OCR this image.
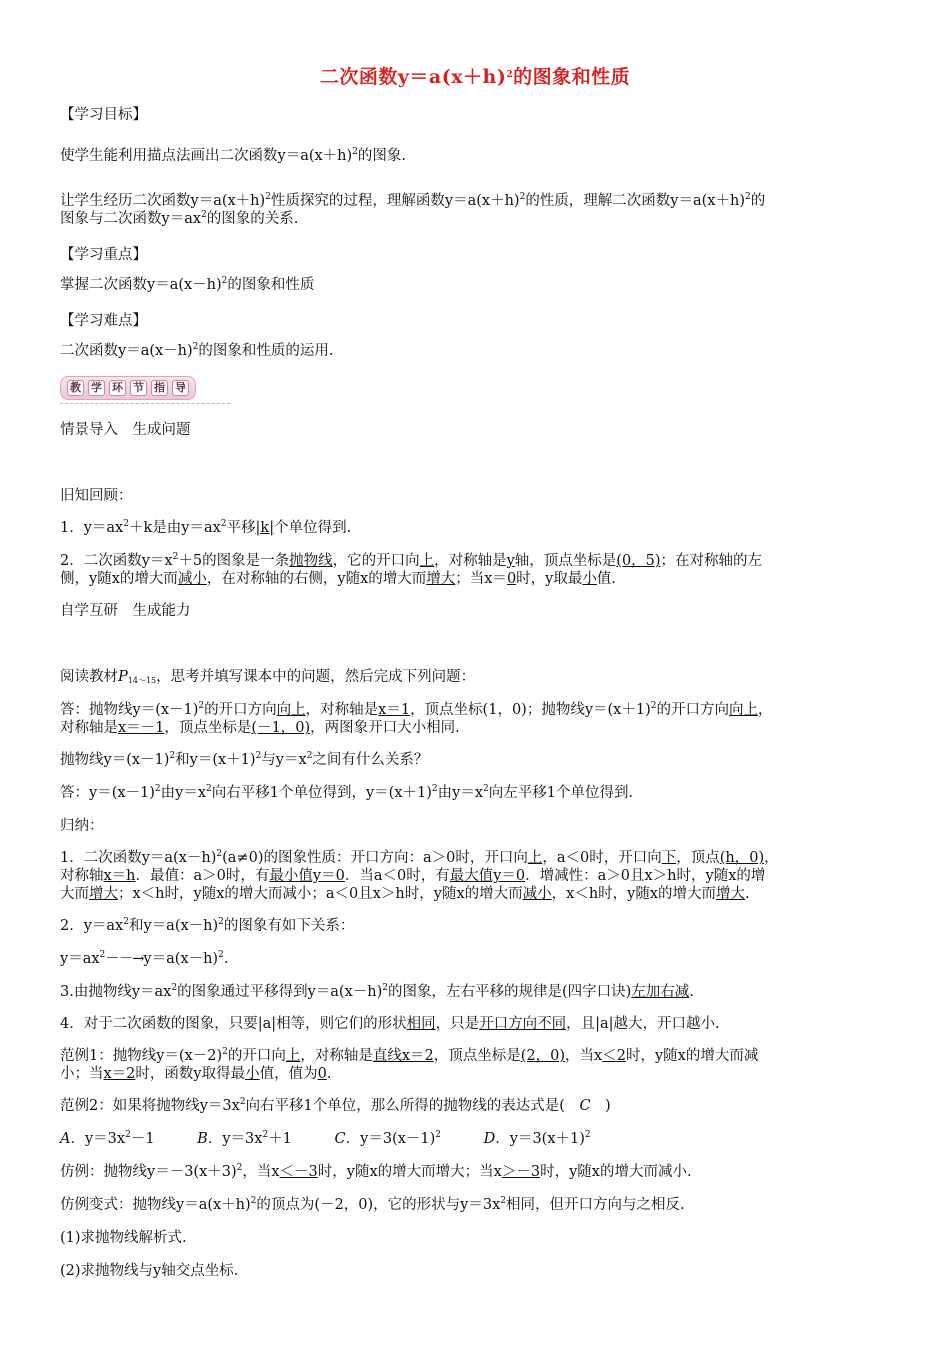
二次函数$y=a(x+h)^2$的图象和性质
【学习目标】
使学生能利用描点法画出二次函数$y=a(x+h)^2$的图象.
让学生经历二次函数$y=a(x+h)^2$性质探究的过程，理解函数$y=a(x+h)^2$的性质，理解二次函数$y=a(x+h)^2$的
图象与二次函数$y=ax^2$的图象的关系.
【学习重点】
掌握二次函数$y=a(x-h)^2$的图象和性质
【学习难点】
二次函数$y=a(x-h)^2$的图象和性质的运用.
教 学 环 节 指 导
情景导入　生成问题
旧知回顾：
1．$y=ax^2+k$是由$y=ax^2$平移|k|个单位得到.
2．二次函数$y=x^2+5$的图象是一条抛物线，它的开口向上，对称轴是y轴，顶点坐标是(0，5)；在对称轴的左
侧，y随x的增大而减小，在对称轴的右侧，y随x的增大而增大；当x＝0时，y取最小值.
自学互研　生成能力
阅读教材$P_{14\sim 15}$，思考并填写课本中的问题，然后完成下列问题：
答：抛物线$y=(x-1)^2$的开口方向向上，对称轴是x＝1，顶点坐标(1，0)；抛物线$y=(x+1)^2$的开口方向向上，
对称轴是x＝－1，顶点坐标是(－1，0)，两图象开口大小相同.
抛物线$y=(x-1)^2$和$y=(x+1)^2$与$y=x^2$之间有什么关系？
答：$y=(x-1)^2$由$y=x^2$向右平移1个单位得到，$y=(x+1)^2$由$y=x^2$向左平移1个单位得到.
归纳：
1．二次函数$y=a(x-h)^2(a\ne 0)$的图象性质：开口方向：a＞0时，开口向上，a＜0时，开口向下，顶点(h，0)，
对称轴x＝h．最值：a＞0时，有最小值y＝0．当a＜0时，有最大值y＝0．增减性：a＞0且x＞h时，y随x的增
大而增大；x＜h时，y随x的增大而减小；a＜0且x＞h时，y随x的增大而减小，x＜h时，y随x的增大而增大.
2．$y=ax^2$和$y=a(x-h)^2$的图象有如下关系：
$y=ax^2--\to y=a(x-h)^2$.
3.由抛物线$y=ax^2$的图象通过平移得到$y=a(x-h)^2$的图象，左右平移的规律是(四字口诀)左加右减.
4．对于二次函数的图象，只要|a|相等，则它们的形状相同，只是开口方向不同，且|a|越大，开口越小.
范例1：抛物线$y=(x-2)^2$的开口向上，对称轴是直线x＝2，顶点坐标是(2，0)，当x＜2时，y随x的增大而减
小；当x＝2时，函数y取得最小值，值为0.
范例2：如果将抛物线$y=3x^2$向右平移1个单位，那么所得的抛物线的表达式是(　C　)
A．$y=3x^2-1$	B．$y=3x^2+1$	C．$y=3(x-1)^2$	D．$y=3(x+1)^2$
仿例：抛物线$y=-3(x+3)^2$，当x＜－3时，y随x的增大而增大；当x＞－3时，y随x的增大而减小.
仿例变式：抛物线$y=a(x+h)^2$的顶点为(－2，0)，它的形状与$y=3x^2$相同，但开口方向与之相反.
(1)求抛物线解析式.
(2)求抛物线与y轴交点坐标.
